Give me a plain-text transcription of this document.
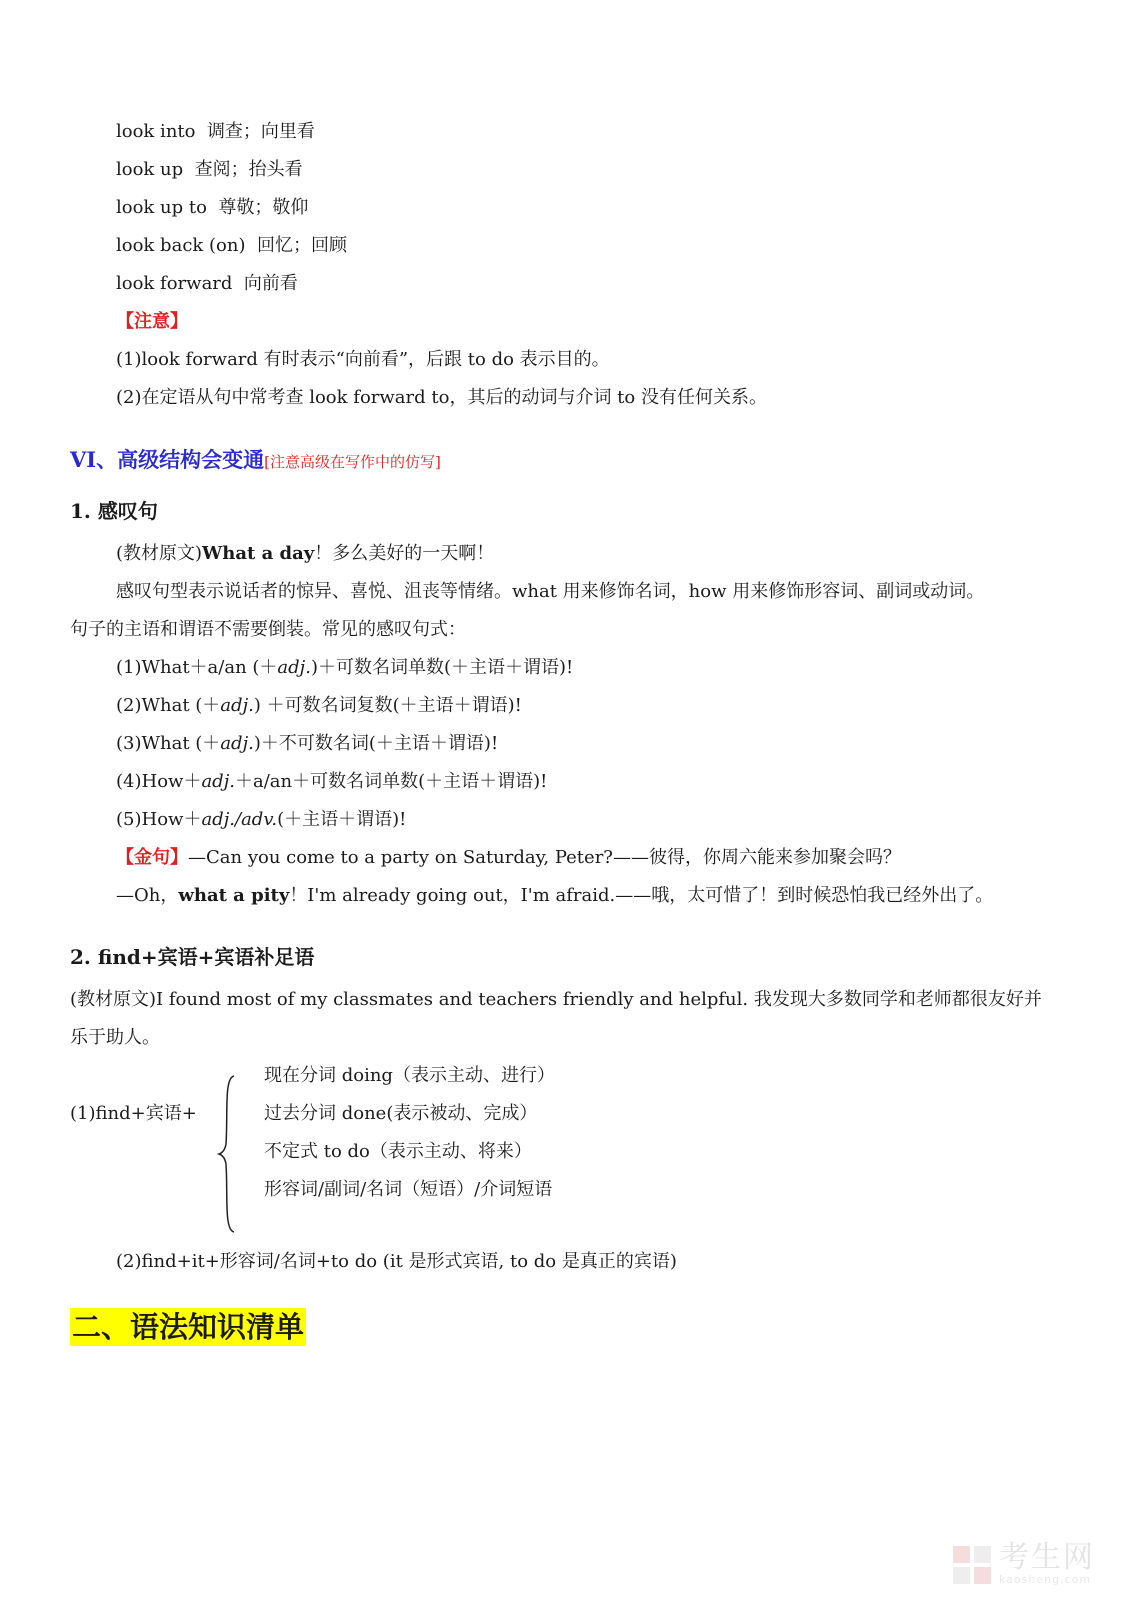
look into 调查；向里看
look up 查阅；抬头看
look up to 尊敬；敬仰
look back (on) 回忆；回顾
look forward 向前看
【注意】
(1)look forward 有时表示“向前看”，后跟 to do 表示目的。
(2)在定语从句中常考查 look forward to，其后的动词与介词 to 没有任何关系。
VI、高级结构会变通[注意高级在写作中的仿写]
1. 感叹句
(教材原文)What a day！多么美好的一天啊！
感叹句型表示说话者的惊异、喜悦、沮丧等情绪。what 用来修饰名词，how 用来修饰形容词、副词或动词。
句子的主语和谓语不需要倒装。常见的感叹句式：
(1)What＋a/an (＋adj.)＋可数名词单数(＋主语＋谓语)!
(2)What (＋adj.) ＋可数名词复数(＋主语＋谓语)!
(3)What (＋adj.)＋不可数名词(＋主语＋谓语)!
(4)How＋adj.＋a/an＋可数名词单数(＋主语＋谓语)!
(5)How＋adj./adv.(＋主语＋谓语)!
【金句】—Can you come to a party on Saturday, Peter?——彼得，你周六能来参加聚会吗？
—Oh，what a pity！I'm already going out，I'm afraid.——哦，太可惜了！到时候恐怕我已经外出了。
2. find+宾语+宾语补足语
(教材原文)I found most of my classmates and teachers friendly and helpful. 我发现大多数同学和老师都很友好并
乐于助人。
(1)find+宾语+
现在分词 doing（表示主动、进行）
过去分词 done(表示被动、完成）
不定式 to do（表示主动、将来）
形容词/副词/名词（短语）/介词短语
(2)find+it+形容词/名词+to do (it 是形式宾语, to do 是真正的宾语)
二、语法知识清单
考生网
kaosheng.com
